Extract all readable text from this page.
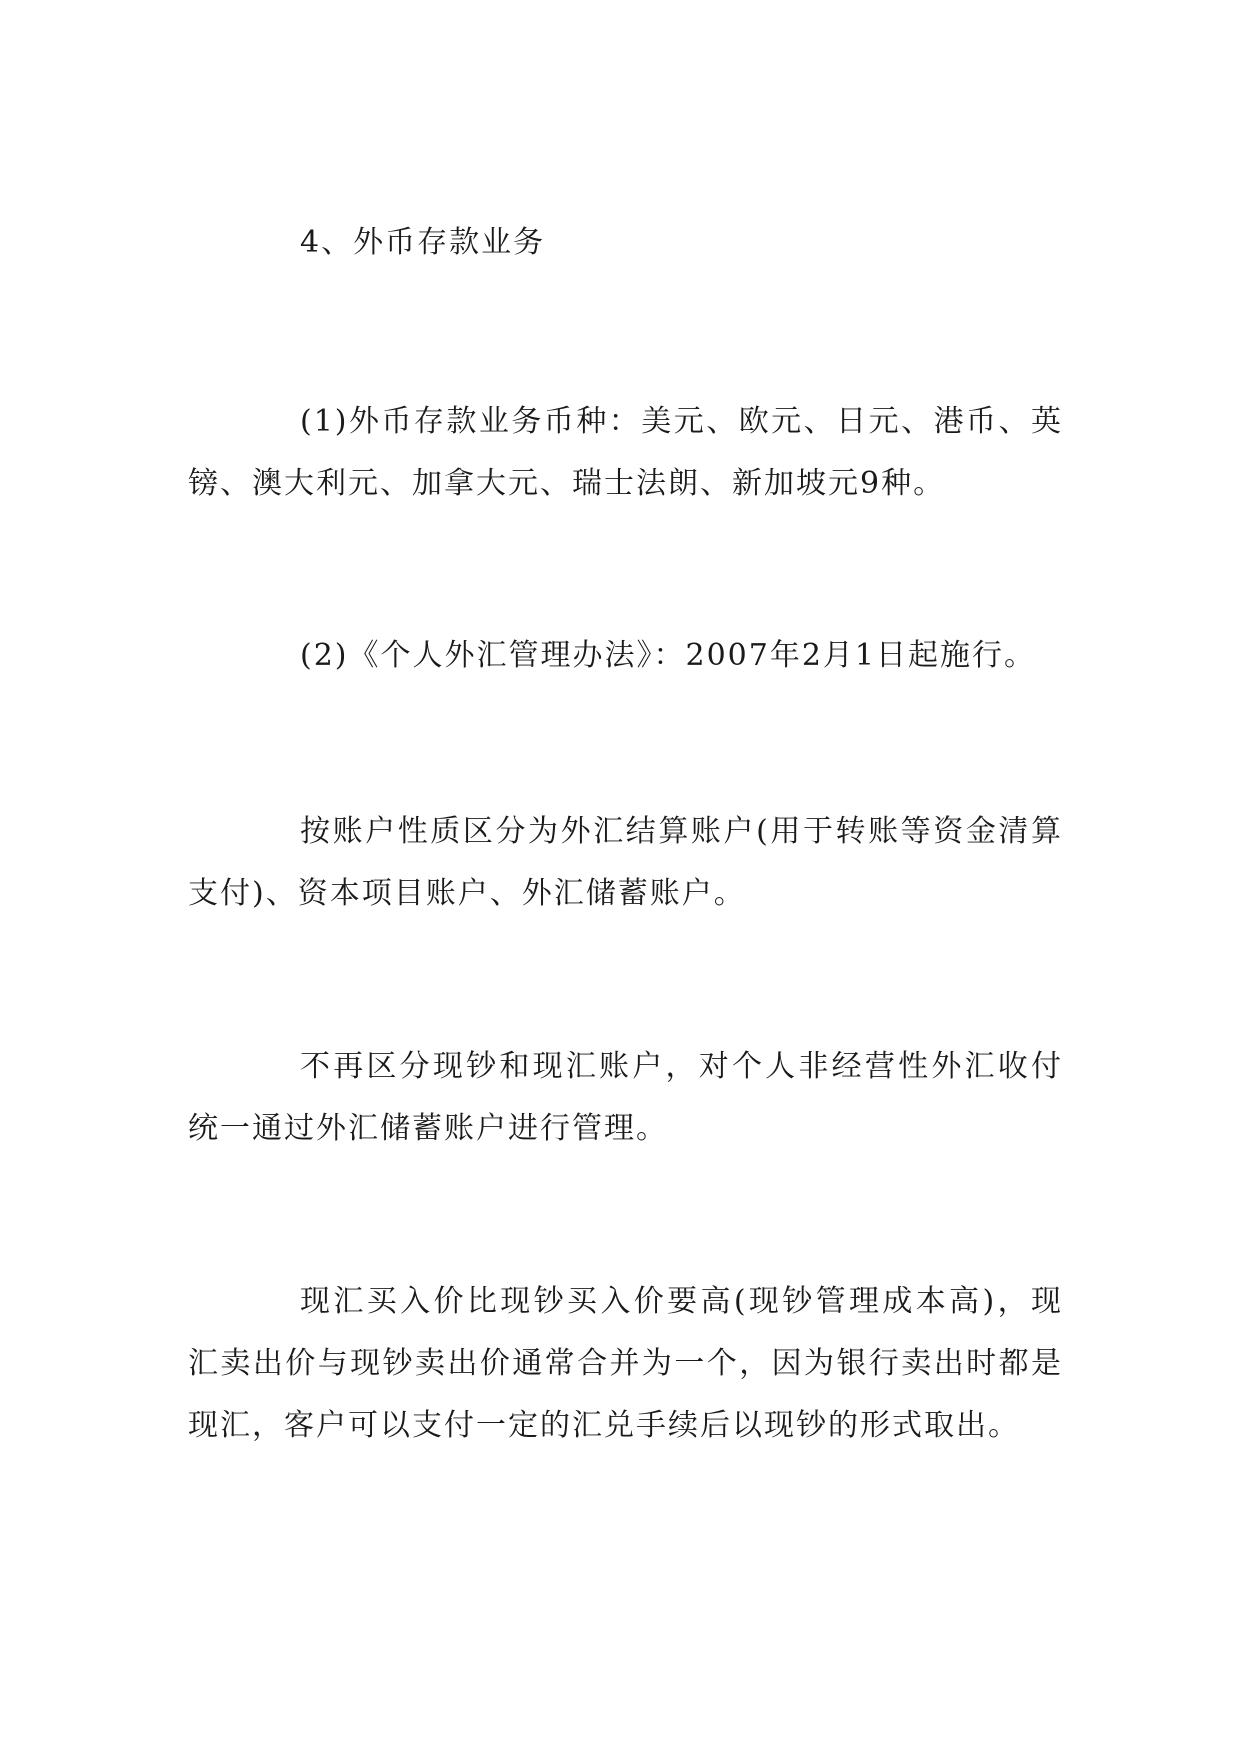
4、外币存款业务

(1)外币存款业务币种：美元、欧元、日元、港币、英镑、澳大利元、加拿大元、瑞士法朗、新加坡元9种。

(2)《个人外汇管理办法》：2007年2月1日起施行。

按账户性质区分为外汇结算账户(用于转账等资金清算支付)、资本项目账户、外汇储蓄账户。

不再区分现钞和现汇账户，对个人非经营性外汇收付统一通过外汇储蓄账户进行管理。

现汇买入价比现钞买入价要高(现钞管理成本高)，现汇卖出价与现钞卖出价通常合并为一个，因为银行卖出时都是现汇，客户可以支付一定的汇兑手续后以现钞的形式取出。
